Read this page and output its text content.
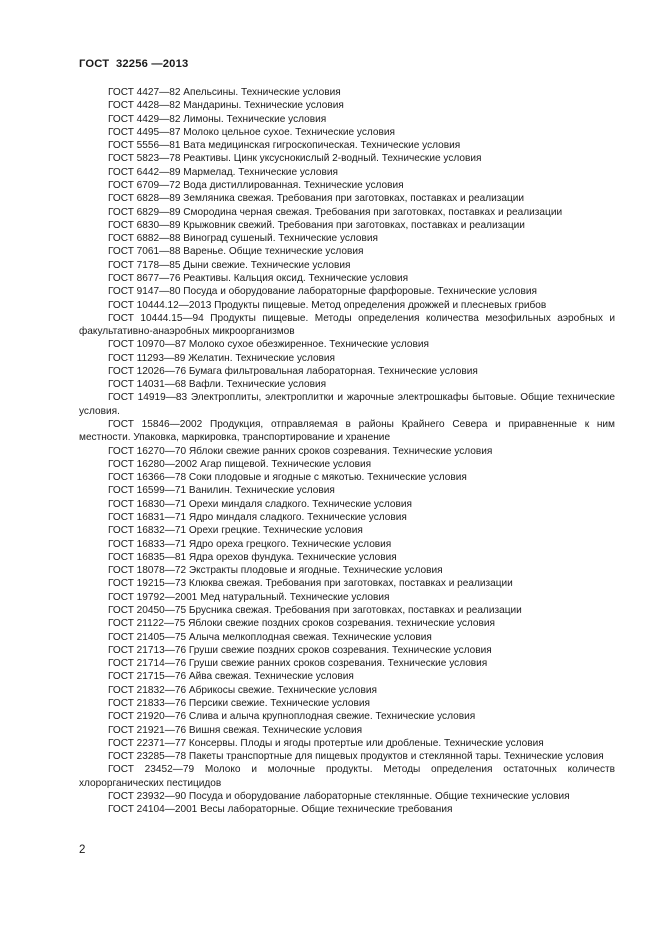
ГОСТ  32256 —2013

ГОСТ 4427—82 Апельсины. Технические условия

ГОСТ 4428—82 Мандарины. Технические условия

ГОСТ 4429—82 Лимоны. Технические условия

ГОСТ 4495—87 Молоко цельное сухое. Технические условия

ГОСТ 5556—81 Вата медицинская гигроскопическая. Технические условия

ГОСТ 5823—78 Реактивы. Цинк уксуснокислый 2-водный. Технические условия

ГОСТ 6442—89 Мармелад. Технические условия

ГОСТ 6709—72 Вода дистиллированная. Технические условия

ГОСТ 6828—89 Земляника свежая. Требования при заготовках, поставках и реализации

ГОСТ 6829—89 Смородина черная свежая. Требования при заготовках, поставках и реализации

ГОСТ 6830—89 Крыжовник свежий. Требования при заготовках, поставках и реализации

ГОСТ 6882—88 Виноград сушеный. Технические условия

ГОСТ 7061—88 Варенье. Общие технические условия

ГОСТ 7178—85 Дыни свежие. Технические условия

ГОСТ 8677—76 Реактивы. Кальция оксид. Технические условия

ГОСТ 9147—80 Посуда и оборудование лабораторные фарфоровые. Технические условия

ГОСТ 10444.12—2013 Продукты пищевые. Метод определения дрожжей и плесневых грибов

ГОСТ 10444.15—94 Продукты пищевые. Методы определения количества мезофильных аэробных и факультативно-анаэробных микроорганизмов

ГОСТ 10970—87 Молоко сухое обезжиренное. Технические условия

ГОСТ 11293—89 Желатин. Технические условия

ГОСТ 12026—76 Бумага фильтровальная лабораторная. Технические условия

ГОСТ 14031—68 Вафли. Технические условия

ГОСТ 14919—83 Электроплиты, электроплитки и жарочные электрошкафы бытовые. Общие технические условия.

ГОСТ 15846—2002 Продукция, отправляемая в районы Крайнего Севера и приравненные к ним местности. Упаковка, маркировка, транспортирование и хранение

ГОСТ 16270—70 Яблоки свежие ранних сроков созревания. Технические условия

ГОСТ 16280—2002 Агар пищевой. Технические условия

ГОСТ 16366—78 Соки плодовые и ягодные с мякотью. Технические условия

ГОСТ 16599—71 Ванилин. Технические условия

ГОСТ 16830—71 Орехи миндаля сладкого. Технические условия

ГОСТ 16831—71 Ядро миндаля сладкого. Технические условия

ГОСТ 16832—71 Орехи грецкие. Технические условия

ГОСТ 16833—71 Ядро ореха грецкого. Технические условия

ГОСТ 16835—81 Ядра орехов фундука. Технические условия

ГОСТ 18078—72 Экстракты плодовые и ягодные. Технические условия

ГОСТ 19215—73 Клюква свежая. Требования при заготовках, поставках и реализации

ГОСТ 19792—2001 Мед натуральный. Технические условия

ГОСТ 20450—75 Брусника свежая. Требования при заготовках, поставках и реализации

ГОСТ 21122—75 Яблоки свежие поздних сроков созревания. технические условия

ГОСТ 21405—75 Алыча мелкоплодная свежая. Технические условия

ГОСТ 21713—76 Груши свежие поздних сроков созревания. Технические условия

ГОСТ 21714—76 Груши свежие ранних сроков созревания. Технические условия

ГОСТ 21715—76 Айва свежая. Технические условия

ГОСТ 21832—76 Абрикосы свежие. Технические условия

ГОСТ 21833—76 Персики свежие. Технические условия

ГОСТ 21920—76 Слива и алыча крупноплодная свежие. Технические условия

ГОСТ 21921—76 Вишня свежая. Технические условия

ГОСТ 22371—77 Консервы. Плоды и ягоды протертые или дробленые. Технические условия

ГОСТ 23285—78 Пакеты транспортные для пищевых продуктов и стеклянной тары. Технические условия

ГОСТ 23452—79 Молоко и молочные продукты. Методы определения остаточных количеств хлорорганических пестицидов

ГОСТ 23932—90 Посуда и оборудование лабораторные стеклянные. Общие технические условия

ГОСТ 24104—2001 Весы лабораторные. Общие технические требования

2
